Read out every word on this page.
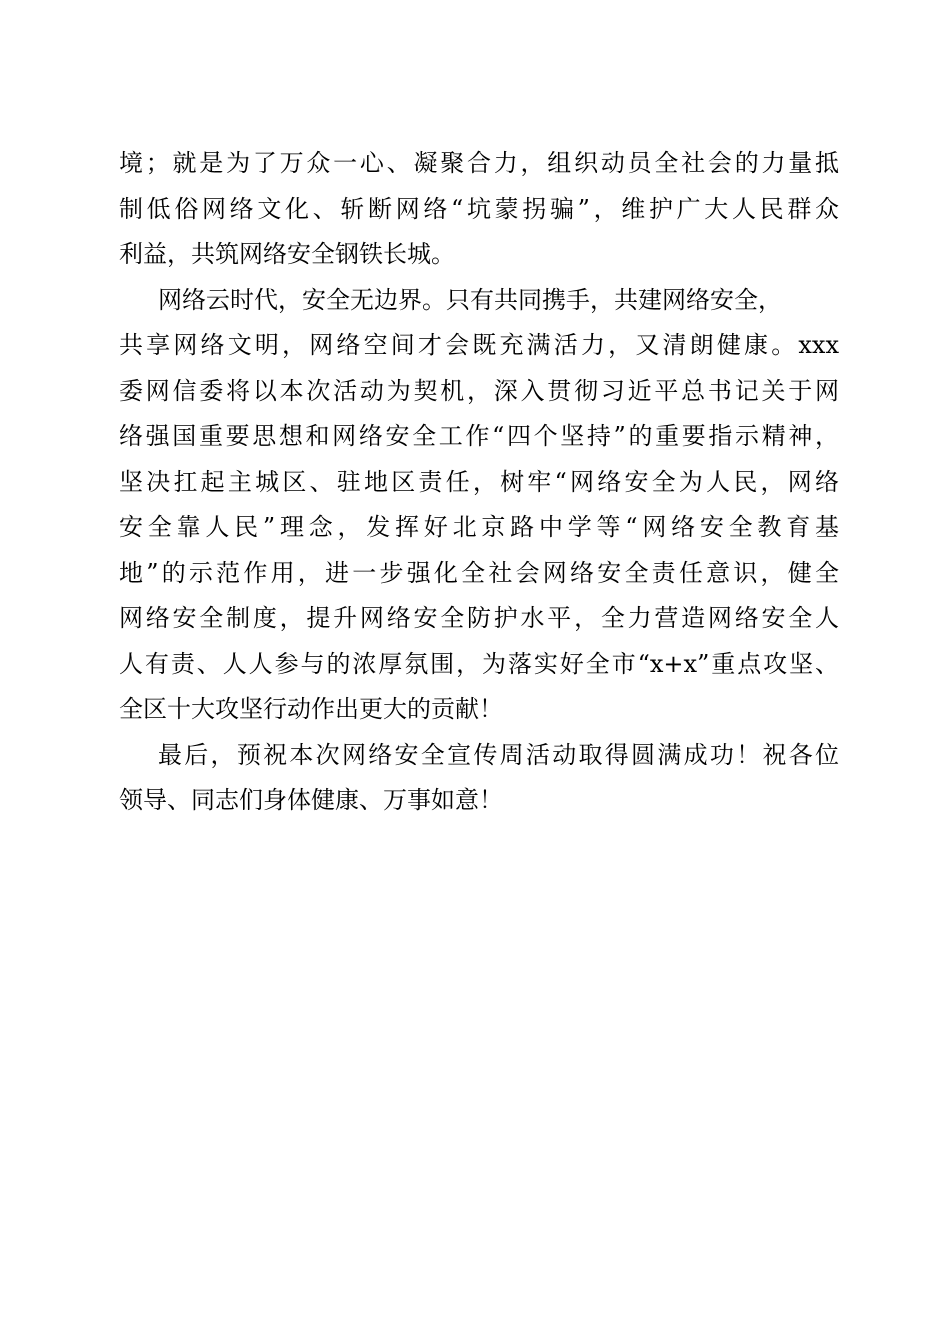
境；就是为了万众一心、凝聚合力，组织动员全社会的力量抵
制低俗网络文化、斩断网络“坑蒙拐骗”，维护广大人民群众
利益，共筑网络安全钢铁长城。
网络云时代，安全无边界。只有共同携手，共建网络安全，
共享网络文明，网络空间才会既充满活力，又清朗健康。xxx
委网信委将以本次活动为契机，深入贯彻习近平总书记关于网
络强国重要思想和网络安全工作“四个坚持”的重要指示精神，
坚决扛起主城区、驻地区责任，树牢“网络安全为人民，网络
安全靠人民”理念，发挥好北京路中学等“网络安全教育基
地”的示范作用，进一步强化全社会网络安全责任意识，健全
网络安全制度，提升网络安全防护水平，全力营造网络安全人
人有责、人人参与的浓厚氛围，为落实好全市“x+x”重点攻坚、
全区十大攻坚行动作出更大的贡献！
最后，预祝本次网络安全宣传周活动取得圆满成功！祝各位
领导、同志们身体健康、万事如意！
